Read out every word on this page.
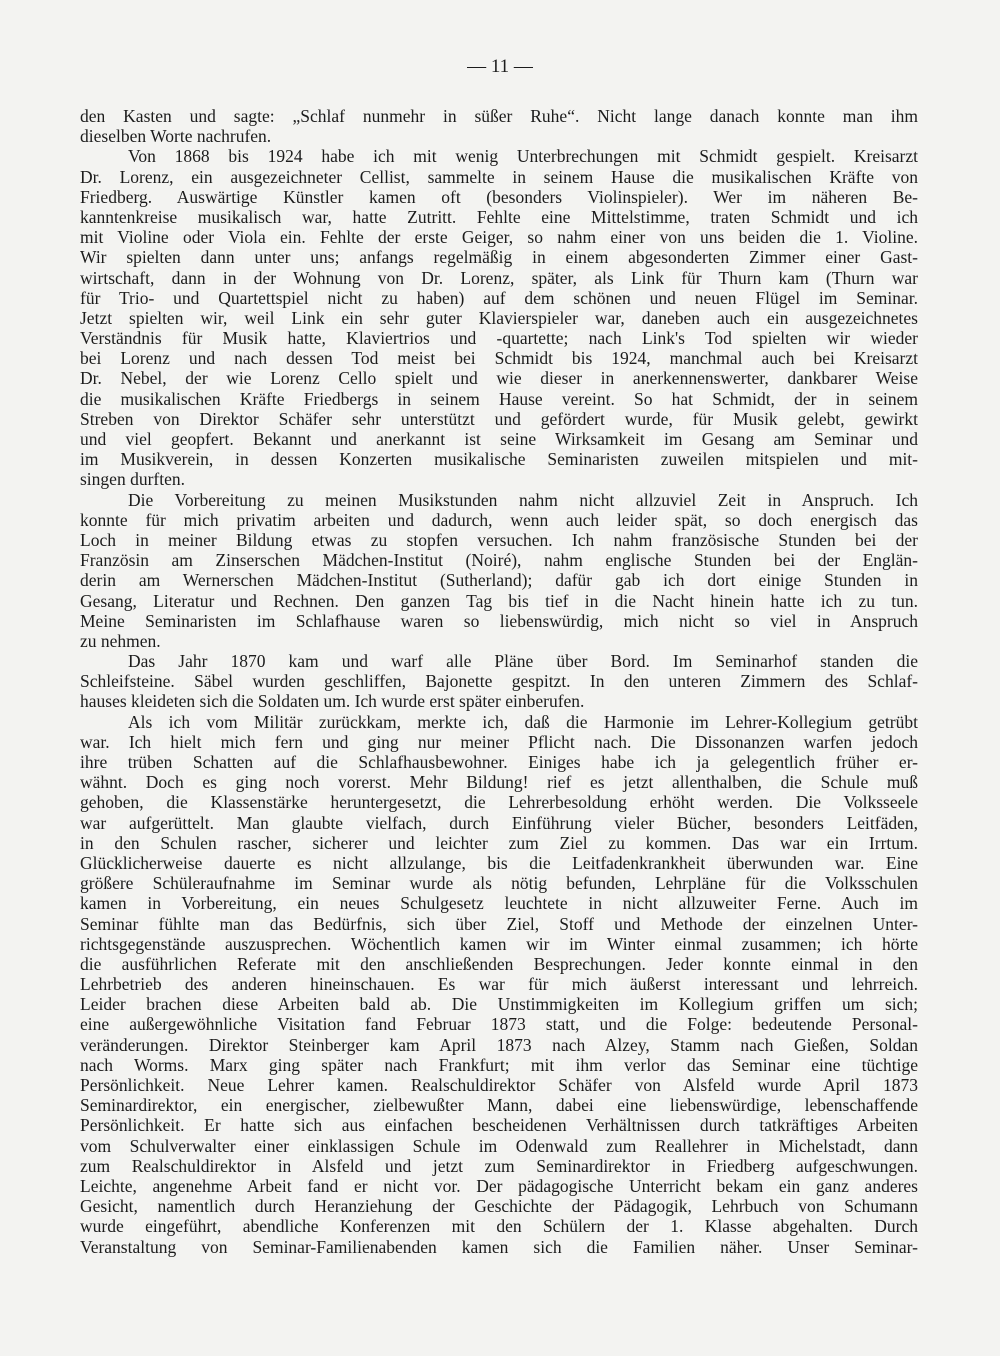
— 11 —
den Kasten und sagte: „Schlaf nunmehr in süßer Ruhe“. Nicht lange danach konnte man ihm
dieselben Worte nachrufen.
Von 1868 bis 1924 habe ich mit wenig Unterbrechungen mit Schmidt gespielt. Kreisarzt
Dr. Lorenz, ein ausgezeichneter Cellist, sammelte in seinem Hause die musikalischen Kräfte von
Friedberg. Auswärtige Künstler kamen oft (besonders Violinspieler). Wer im näheren Be-
kanntenkreise musikalisch war, hatte Zutritt. Fehlte eine Mittelstimme, traten Schmidt und ich
mit Violine oder Viola ein. Fehlte der erste Geiger, so nahm einer von uns beiden die 1. Violine.
Wir spielten dann unter uns; anfangs regelmäßig in einem abgesonderten Zimmer einer Gast-
wirtschaft, dann in der Wohnung von Dr. Lorenz, später, als Link für Thurn kam (Thurn war
für Trio- und Quartettspiel nicht zu haben) auf dem schönen und neuen Flügel im Seminar.
Jetzt spielten wir, weil Link ein sehr guter Klavierspieler war, daneben auch ein ausgezeichnetes
Verständnis für Musik hatte, Klaviertrios und -quartette; nach Link's Tod spielten wir wieder
bei Lorenz und nach dessen Tod meist bei Schmidt bis 1924, manchmal auch bei Kreisarzt
Dr. Nebel, der wie Lorenz Cello spielt und wie dieser in anerkennenswerter, dankbarer Weise
die musikalischen Kräfte Friedbergs in seinem Hause vereint. So hat Schmidt, der in seinem
Streben von Direktor Schäfer sehr unterstützt und gefördert wurde, für Musik gelebt, gewirkt
und viel geopfert. Bekannt und anerkannt ist seine Wirksamkeit im Gesang am Seminar und
im Musikverein, in dessen Konzerten musikalische Seminaristen zuweilen mitspielen und mit-
singen durften.
Die Vorbereitung zu meinen Musikstunden nahm nicht allzuviel Zeit in Anspruch. Ich
konnte für mich privatim arbeiten und dadurch, wenn auch leider spät, so doch energisch das
Loch in meiner Bildung etwas zu stopfen versuchen. Ich nahm französische Stunden bei der
Französin am Zinserschen Mädchen-Institut (Noiré), nahm englische Stunden bei der Englän-
derin am Wernerschen Mädchen-Institut (Sutherland); dafür gab ich dort einige Stunden in
Gesang, Literatur und Rechnen. Den ganzen Tag bis tief in die Nacht hinein hatte ich zu tun.
Meine Seminaristen im Schlafhause waren so liebenswürdig, mich nicht so viel in Anspruch
zu nehmen.
Das Jahr 1870 kam und warf alle Pläne über Bord. Im Seminarhof standen die
Schleifsteine. Säbel wurden geschliffen, Bajonette gespitzt. In den unteren Zimmern des Schlaf-
hauses kleideten sich die Soldaten um. Ich wurde erst später einberufen.
Als ich vom Militär zurückkam, merkte ich, daß die Harmonie im Lehrer-Kollegium getrübt
war. Ich hielt mich fern und ging nur meiner Pflicht nach. Die Dissonanzen warfen jedoch
ihre trüben Schatten auf die Schlafhausbewohner. Einiges habe ich ja gelegentlich früher er-
wähnt. Doch es ging noch vorerst. Mehr Bildung! rief es jetzt allenthalben, die Schule muß
gehoben, die Klassenstärke heruntergesetzt, die Lehrerbesoldung erhöht werden. Die Volksseele
war aufgerüttelt. Man glaubte vielfach, durch Einführung vieler Bücher, besonders Leitfäden,
in den Schulen rascher, sicherer und leichter zum Ziel zu kommen. Das war ein Irrtum.
Glücklicherweise dauerte es nicht allzulange, bis die Leitfadenkrankheit überwunden war. Eine
größere Schüleraufnahme im Seminar wurde als nötig befunden, Lehrpläne für die Volksschulen
kamen in Vorbereitung, ein neues Schulgesetz leuchtete in nicht allzuweiter Ferne. Auch im
Seminar fühlte man das Bedürfnis, sich über Ziel, Stoff und Methode der einzelnen Unter-
richtsgegenstände auszusprechen. Wöchentlich kamen wir im Winter einmal zusammen; ich hörte
die ausführlichen Referate mit den anschließenden Besprechungen. Jeder konnte einmal in den
Lehrbetrieb des anderen hineinschauen. Es war für mich äußerst interessant und lehrreich.
Leider brachen diese Arbeiten bald ab. Die Unstimmigkeiten im Kollegium griffen um sich;
eine außergewöhnliche Visitation fand Februar 1873 statt, und die Folge: bedeutende Personal-
veränderungen. Direktor Steinberger kam April 1873 nach Alzey, Stamm nach Gießen, Soldan
nach Worms. Marx ging später nach Frankfurt; mit ihm verlor das Seminar eine tüchtige
Persönlichkeit. Neue Lehrer kamen. Realschuldirektor Schäfer von Alsfeld wurde April 1873
Seminardirektor, ein energischer, zielbewußter Mann, dabei eine liebenswürdige, lebenschaffende
Persönlichkeit. Er hatte sich aus einfachen bescheidenen Verhältnissen durch tatkräftiges Arbeiten
vom Schulverwalter einer einklassigen Schule im Odenwald zum Reallehrer in Michelstadt, dann
zum Realschuldirektor in Alsfeld und jetzt zum Seminardirektor in Friedberg aufgeschwungen.
Leichte, angenehme Arbeit fand er nicht vor. Der pädagogische Unterricht bekam ein ganz anderes
Gesicht, namentlich durch Heranziehung der Geschichte der Pädagogik, Lehrbuch von Schumann
wurde eingeführt, abendliche Konferenzen mit den Schülern der 1. Klasse abgehalten. Durch
Veranstaltung von Seminar-Familienabenden kamen sich die Familien näher. Unser Seminar-
